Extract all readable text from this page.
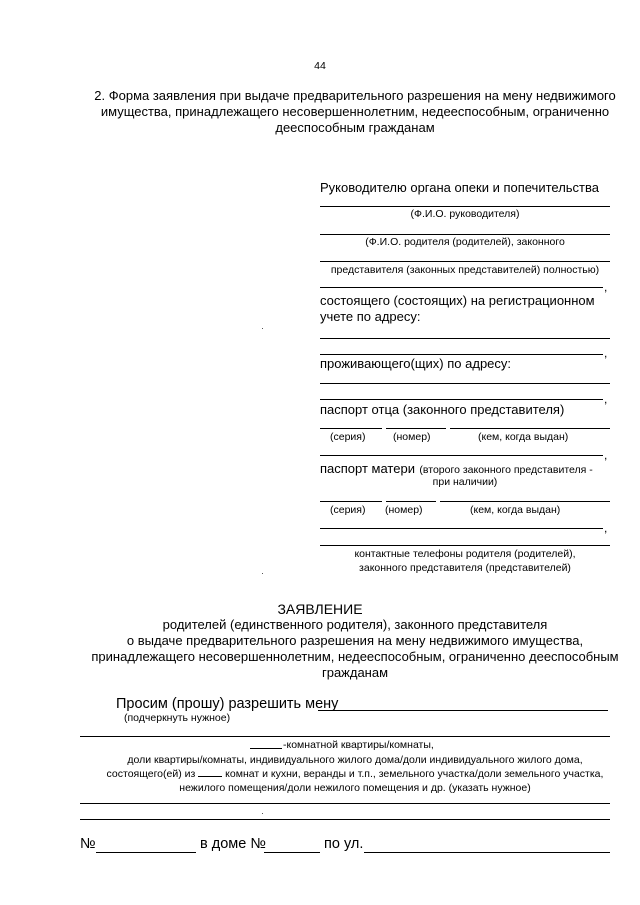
44
2. Форма заявления при выдаче предварительного разрешения на мену недвижимого
имущества, принадлежащего несовершеннолетним, недееспособным, ограниченно
дееспособным гражданам
Руководителю органа опеки и попечительства
(Ф.И.О. руководителя)
(Ф.И.О. родителя (родителей), законного
представителя (законных представителей) полностью)
,
состоящего (состоящих) на регистрационном
учете по адресу:
,
проживающего(щих) по адресу:
,
паспорт отца (законного представителя)
(серия)	(номер)	(кем, когда выдан)
,
паспорт матери (второго законного представителя -
при наличии)
(серия) (номер)	(кем, когда выдан)
,
контактные телефоны родителя (родителей),
законного представителя (представителей)
ЗАЯВЛЕНИЕ
родителей (единственного родителя), законного представителя
о выдаче предварительного разрешения на мену недвижимого имущества,
принадлежащего несовершеннолетним, недееспособным, ограниченно дееспособным
гражданам
Просим (прошу) разрешить мену
(подчеркнуть нужное)
-комнатной квартиры/комнаты,
доли квартиры/комнаты, индивидуального жилого дома/доли индивидуального жилого дома,
состоящего(ей) из	комнат и кухни, веранды и т.п., земельного участка/доли земельного участка,
нежилого помещения/доли нежилого помещения и др. (указать нужное)
№	в доме №	по ул.
